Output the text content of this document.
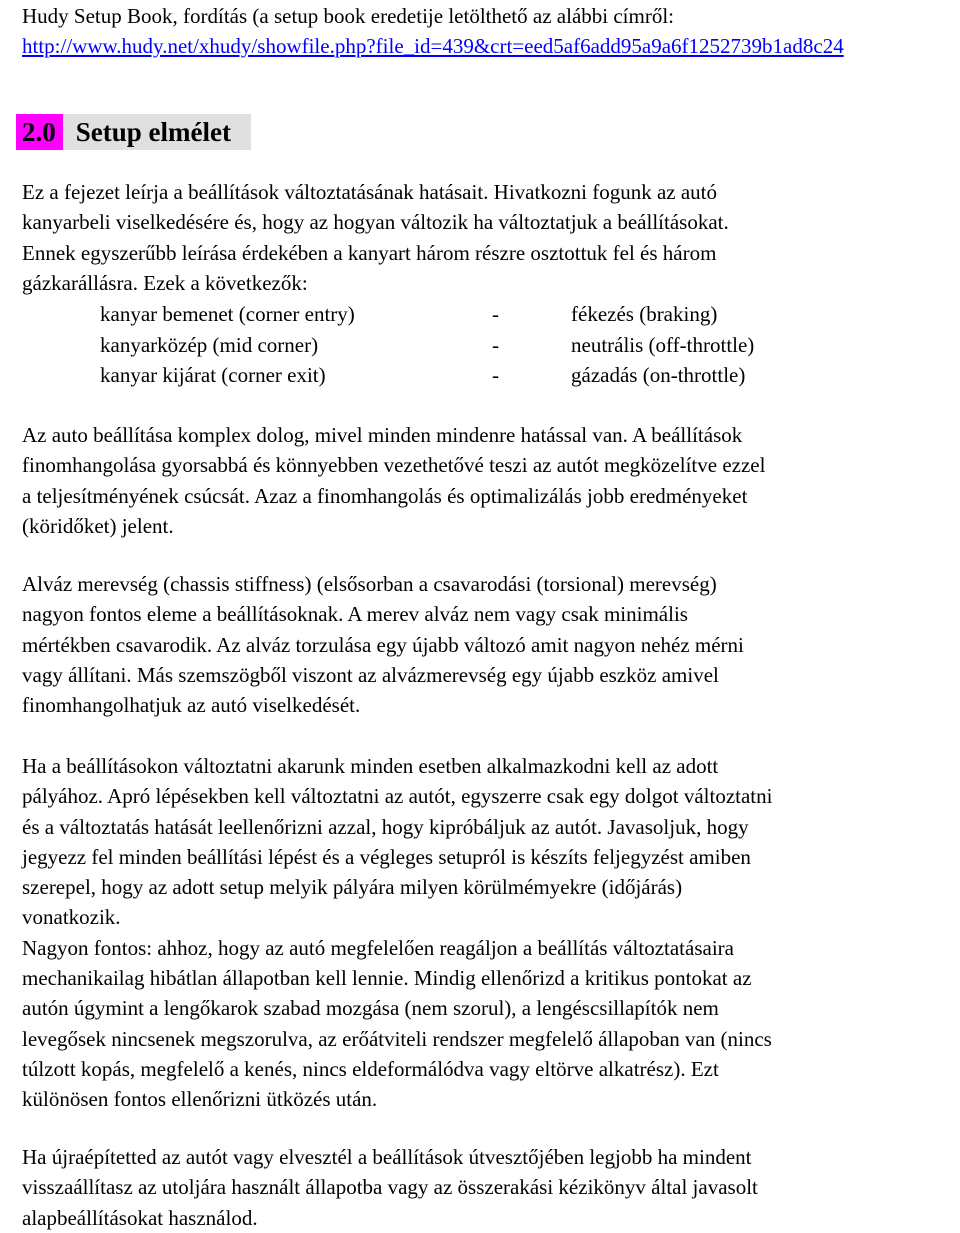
Hudy Setup Book, fordítás (a setup book eredetije letölthető az alábbi címről:
http://www.hudy.net/xhudy/showfile.php?file_id=439&crt=eed5af6add95a9a6f1252739b1ad8c24
2.0 Setup elmélet
Ez a fejezet leírja a beállítások változtatásának hatásait. Hivatkozni fogunk az autó
kanyarbeli viselkedésére és, hogy az hogyan változik ha változtatjuk a beállításokat.
Ennek egyszerűbb leírása érdekében a kanyart három részre osztottuk fel és három
gázkarállásra. Ezek a következők:
kanyar bemenet (corner entry)	-	fékezés (braking)
kanyarközép (mid corner)	-	neutrális (off-throttle)
kanyar kijárat (corner exit)	-	gázadás (on-throttle)
Az auto beállítása komplex dolog, mivel minden mindenre hatással van. A beállítások
finomhangolása gyorsabbá és könnyebben vezethetővé teszi az autót megközelítve ezzel
a teljesítményének csúcsát. Azaz a finomhangolás és optimalizálás jobb eredményeket
(köridőket) jelent.
Alváz merevség (chassis stiffness) (elsősorban a csavarodási (torsional) merevség)
nagyon fontos eleme a beállításoknak. A merev alváz nem vagy csak minimális
mértékben csavarodik. Az alváz torzulása egy újabb változó amit nagyon nehéz mérni
vagy állítani. Más szemszögből viszont az alvázmerevség egy újabb eszköz amivel
finomhangolhatjuk az autó viselkedését.
Ha a beállításokon változtatni akarunk minden esetben alkalmazkodni kell az adott
pályához. Apró lépésekben kell változtatni az autót, egyszerre csak egy dolgot változtatni
és a változtatás hatását leellenőrizni azzal, hogy kipróbáljuk az autót. Javasoljuk, hogy
jegyezz fel minden beállítási lépést és a végleges setupról is készíts feljegyzést amiben
szerepel, hogy az adott setup melyik pályára milyen körülmémyekre (időjárás)
vonatkozik.
Nagyon fontos: ahhoz, hogy az autó megfelelően reagáljon a beállítás változtatásaira
mechanikailag hibátlan állapotban kell lennie. Mindig ellenőrizd a kritikus pontokat az
autón úgymint a lengőkarok szabad mozgása (nem szorul), a lengéscsillapítók nem
levegősek nincsenek megszorulva, az erőátviteli rendszer megfelelő állapoban van (nincs
túlzott kopás, megfelelő a kenés, nincs eldeformálódva vagy eltörve alkatrész). Ezt
különösen fontos ellenőrizni ütközés után.
Ha újraépítetted az autót vagy elvesztél a beállítások útvesztőjében legjobb ha mindent
visszaállítasz az utoljára használt állapotba vagy az összerakási kézikönyv által javasolt
alapbeállításokat használod.
